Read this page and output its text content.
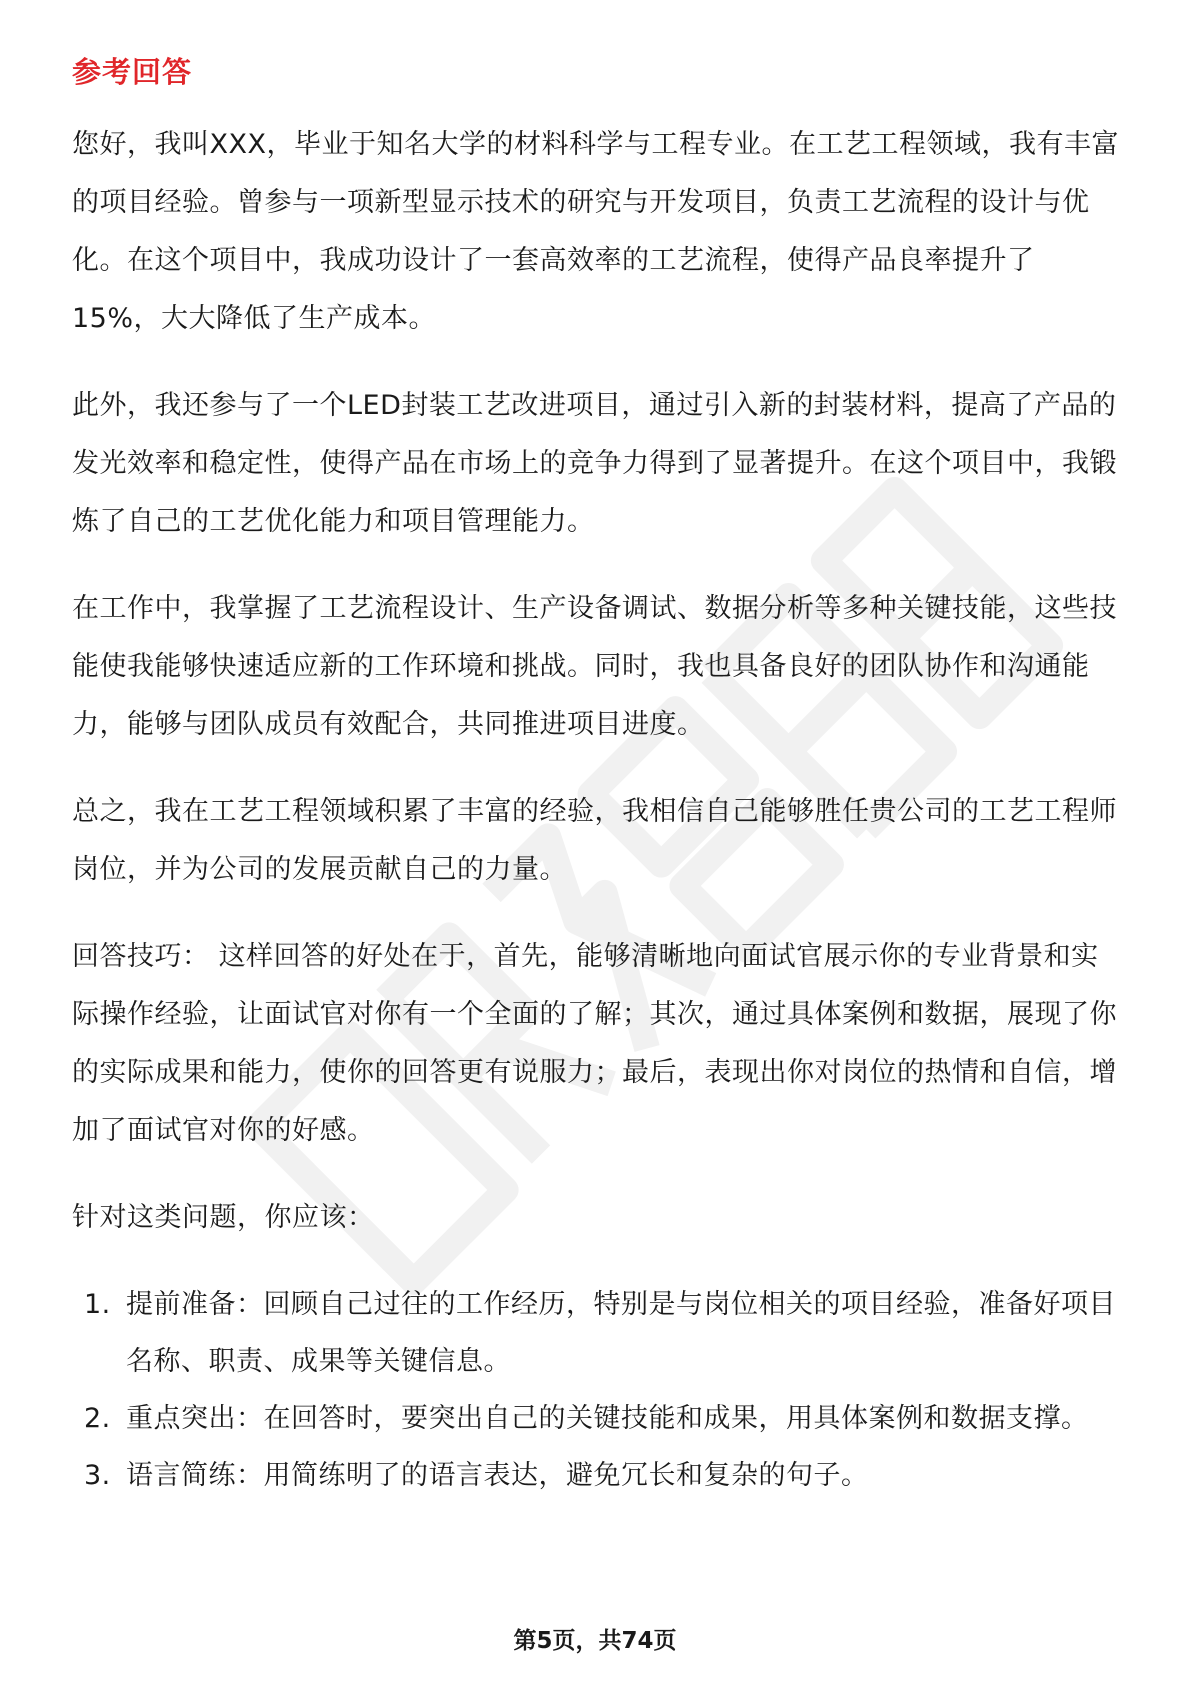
参考回答

您好，我叫XXX，毕业于知名大学的材料科学与工程专业。在工艺工程领域，我有丰富的项目经验。曾参与一项新型显示技术的研究与开发项目，负责工艺流程的设计与优化。在这个项目中，我成功设计了一套高效率的工艺流程，使得产品良率提升了15%，大大降低了生产成本。

此外，我还参与了一个LED封装工艺改进项目，通过引入新的封装材料，提高了产品的发光效率和稳定性，使得产品在市场上的竞争力得到了显著提升。在这个项目中，我锻炼了自己的工艺优化能力和项目管理能力。

在工作中，我掌握了工艺流程设计、生产设备调试、数据分析等多种关键技能，这些技能使我能够快速适应新的工作环境和挑战。同时，我也具备良好的团队协作和沟通能力，能够与团队成员有效配合，共同推进项目进度。

总之，我在工艺工程领域积累了丰富的经验，我相信自己能够胜任贵公司的工艺工程师岗位，并为公司的发展贡献自己的力量。

回答技巧： 这样回答的好处在于，首先，能够清晰地向面试官展示你的专业背景和实际操作经验，让面试官对你有一个全面的了解；其次，通过具体案例和数据，展现了你的实际成果和能力，使你的回答更有说服力；最后，表现出你对岗位的热情和自信，增加了面试官对你的好感。

针对这类问题，你应该：

1. 提前准备：回顾自己过往的工作经历，特别是与岗位相关的项目经验，准备好项目名称、职责、成果等关键信息。
2. 重点突出：在回答时，要突出自己的关键技能和成果，用具体案例和数据支撑。
3. 语言简练：用简练明了的语言表达，避免冗长和复杂的句子。
第5页，共74页
